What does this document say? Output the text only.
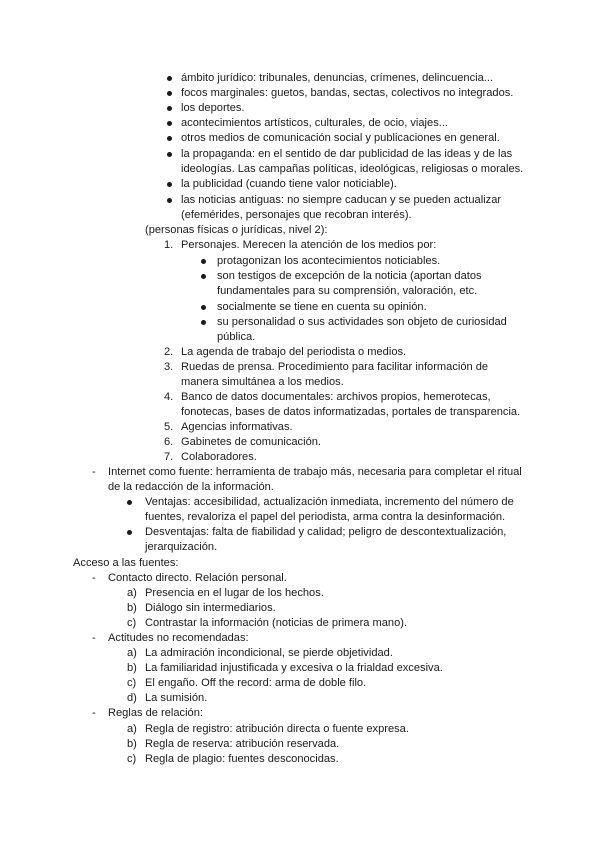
ámbito jurídico: tribunales, denuncias, crímenes, delincuencia...
focos marginales: guetos, bandas, sectas, colectivos no integrados.
los deportes.
acontecimientos artísticos, culturales, de ocio, viajes...
otros medios de comunicación social y publicaciones en general.
la propaganda: en el sentido de dar publicidad de las ideas y de las
ideologías. Las campañas políticas, ideológicas, religiosas o morales.
la publicidad (cuando tiene valor noticiable).
las noticias antiguas: no siempre caducan y se pueden actualizar
(efemérides, personajes que recobran interés).
(personas físicas o jurídicas, nivel 2):
1. Personajes. Merecen la atención de los medios por:
protagonizan los acontecimientos noticiables.
son testigos de excepción de la noticia (aportan datos
fundamentales para su comprensión, valoración, etc.
socialmente se tiene en cuenta su opinión.
su personalidad o sus actividades son objeto de curiosidad
pública.
2. La agenda de trabajo del periodista o medios.
3. Ruedas de prensa. Procedimiento para facilitar información de
manera simultánea a los medios.
4. Banco de datos documentales: archivos propios, hemerotecas,
fonotecas, bases de datos informatizadas, portales de transparencia.
5. Agencias informativas.
6. Gabinetes de comunicación.
7. Colaboradores.
- Internet como fuente: herramienta de trabajo más, necesaria para completar el ritual
de la redacción de la información.
Ventajas: accesibilidad, actualización inmediata, incremento del número de
fuentes, revaloriza el papel del periodista, arma contra la desinformación.
Desventajas: falta de fiabilidad y calidad; peligro de descontextualización,
jerarquización.
Acceso a las fuentes:
- Contacto directo. Relación personal.
a) Presencia en el lugar de los hechos.
b) Diálogo sin intermediarios.
c) Contrastar la información (noticias de primera mano).
- Actitudes no recomendadas:
a) La admiración incondicional, se pierde objetividad.
b) La familiaridad injustificada y excesiva o la frialdad excesiva.
c) El engaño. Off the record: arma de doble filo.
d) La sumisión.
- Reglas de relación:
a) Regla de registro: atribución directa o fuente expresa.
b) Regla de reserva: atribución reservada.
c) Regla de plagio: fuentes desconocidas.
